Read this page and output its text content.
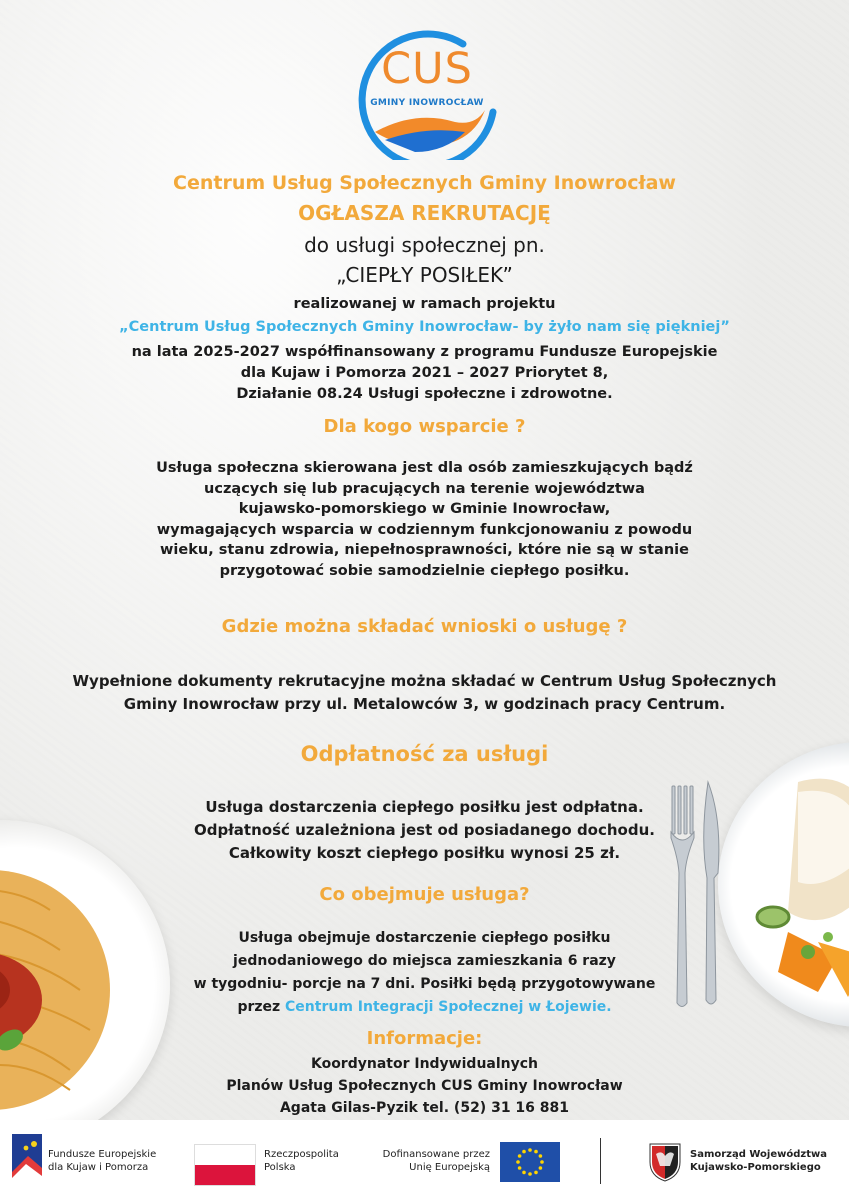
CUS
GMINY INOWROCŁAW
Centrum Usług Społecznych Gminy Inowrocław
OGŁASZA REKRUTACJĘ
do usługi społecznej pn.
„CIEPŁY POSIŁEK”
realizowanej w ramach projektu
„Centrum Usług Społecznych Gminy Inowrocław- by żyło nam się piękniej”
na lata 2025-2027 współfinansowany z programu Fundusze Europejskie
dla Kujaw i Pomorza 2021 – 2027 Priorytet 8,
Działanie 08.24 Usługi społeczne i zdrowotne.
Dla kogo wsparcie ?
Usługa społeczna skierowana jest dla osób zamieszkujących bądź
uczących się lub pracujących na terenie województwa
kujawsko-pomorskiego w Gminie Inowrocław,
wymagających wsparcia w codziennym funkcjonowaniu z powodu
wieku, stanu zdrowia, niepełnosprawności, które nie są w stanie
przygotować sobie samodzielnie ciepłego posiłku.
Gdzie można składać wnioski o usługę ?
Wypełnione dokumenty rekrutacyjne można składać w Centrum Usług Społecznych
Gminy Inowrocław przy ul. Metalowców 3, w godzinach pracy Centrum.
Odpłatność za usługi
Usługa dostarczenia ciepłego posiłku jest odpłatna.
Odpłatność uzależniona jest od posiadanego dochodu.
Całkowity koszt ciepłego posiłku wynosi 25 zł.
Co obejmuje usługa?
Usługa obejmuje dostarczenie ciepłego posiłku
jednodaniowego do miejsca zamieszkania 6 razy
w tygodniu- porcje na 7 dni. Posiłki będą przygotowywane
przez Centrum Integracji Społecznej w Łojewie.
Informacje:
Koordynator Indywidualnych
Planów Usług Społecznych CUS Gminy Inowrocław
Agata Gilas-Pyzik tel. (52) 31 16 881
Fundusze Europejskie
dla Kujaw i Pomorza
Rzeczpospolita
Polska
Dofinansowane przez
Unię Europejską
Samorząd Województwa
Kujawsko-Pomorskiego
